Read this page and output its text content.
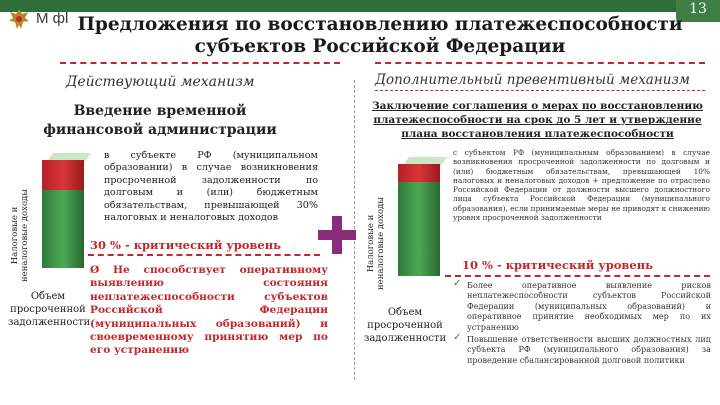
13
M фl Предложения по восстановлению платежеспособности
субъектов Российской Федерации
Действующий механизм	Дополнительный превентивный механизм
Введение временной
финансовой администрации
Заключение соглашения о мерах по восстановлению платежеспособности на срок до 5 лет и утверждение плана восстановления платежеспособности
Налоговые и неналоговые доходы
Объем просроченной задолженности
в субъекте РФ (муниципальном образовании) в случае возникновения просроченной задолженности по долговым и (или) бюджетным обязательствам, превышающей 30% налоговых и неналоговых доходов
30 % - критический уровень
Ø Не способствует оперативному выявлению состояния неплатежеспособности субъектов Российской Федерации (муниципальных образований) и своевременному принятию мер по его устранению
Налоговые и неналоговые доходы
Объем просроченной задолженности
с субъектом РФ (муниципальным образованием) в случае возникновения просроченной задолженности по долговым и (или) бюджетным обязательствам, превышающей 10% налоговых и неналоговых доходов + предложение по отраслево Российской Федерации от должности высшего должностного лица субъекта Российской Федерации (муниципального образования), если принимаемые меры не приводят к снижению уровня просроченной задолженности
10 % - критический уровень
✓ Более оперативное выявление рисков неплатежеспособности субъектов Российской Федерации (муниципальных образований) и оперативное принятие необходимых мер по их устранению
✓ Повышение ответственности высших должностных лиц субъекта РФ (муниципального образования) за проведение сбалансированной долговой политики
